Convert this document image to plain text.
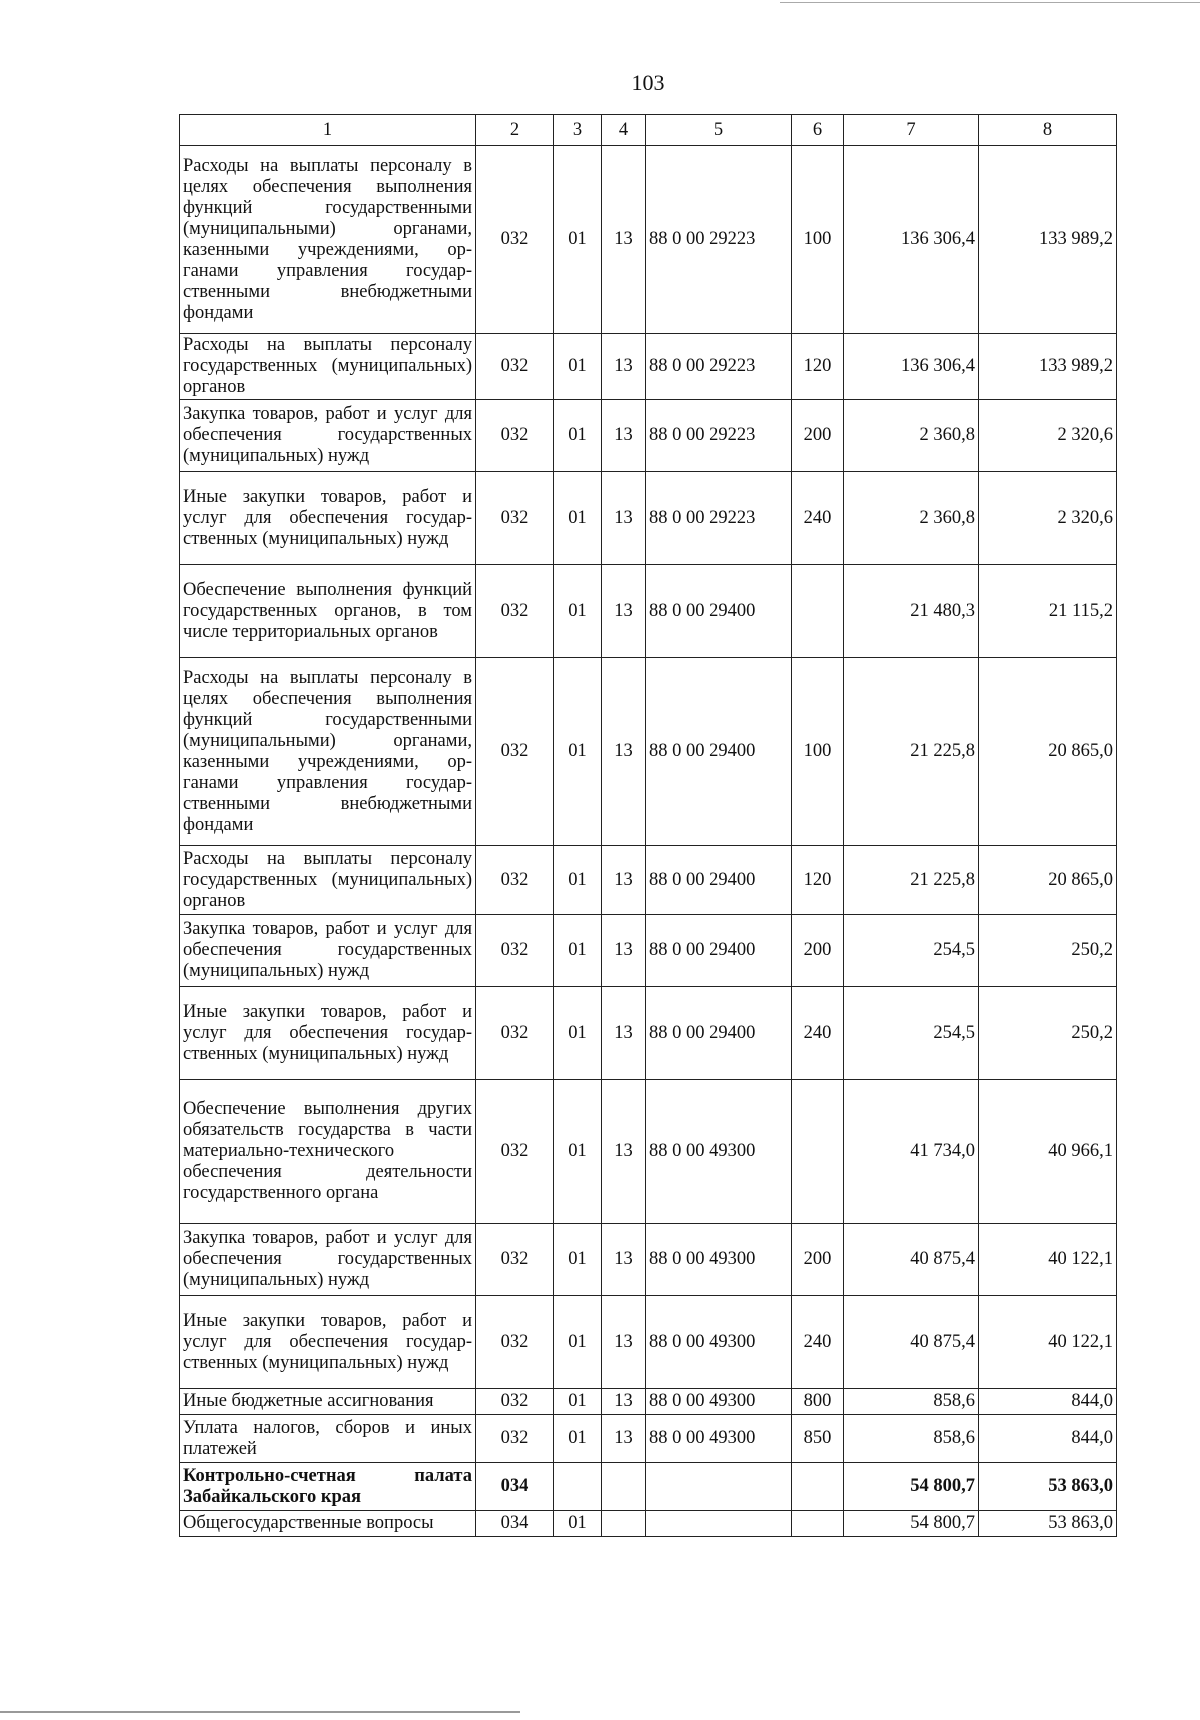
103
1	2	3	4	5	6	7	8
Расходы на выплаты персоналу в целях обеспечения выполнения функций государственными (муниципальными) органами, казенными учреждениями, органами управления государственными внебюджетными фондами	032	01	13	88 0 00 29223	100	136 306,4	133 989,2
Расходы на выплаты персоналу государственных (муниципальных) органов	032	01	13	88 0 00 29223	120	136 306,4	133 989,2
Закупка товаров, работ и услуг для обеспечения государственных (муниципальных) нужд	032	01	13	88 0 00 29223	200	2 360,8	2 320,6
Иные закупки товаров, работ и услуг для обеспечения государственных (муниципальных) нужд	032	01	13	88 0 00 29223	240	2 360,8	2 320,6
Обеспечение выполнения функций государственных органов, в том числе территориальных органов	032	01	13	88 0 00 29400		21 480,3	21 115,2
Расходы на выплаты персоналу в целях обеспечения выполнения функций государственными (муниципальными) органами, казенными учреждениями, органами управления государственными внебюджетными фондами	032	01	13	88 0 00 29400	100	21 225,8	20 865,0
Расходы на выплаты персоналу государственных (муниципальных) органов	032	01	13	88 0 00 29400	120	21 225,8	20 865,0
Закупка товаров, работ и услуг для обеспечения государственных (муниципальных) нужд	032	01	13	88 0 00 29400	200	254,5	250,2
Иные закупки товаров, работ и услуг для обеспечения государственных (муниципальных) нужд	032	01	13	88 0 00 29400	240	254,5	250,2
Обеспечение выполнения других обязательств государства в части материально-технического обеспечения деятельности государственного органа	032	01	13	88 0 00 49300		41 734,0	40 966,1
Закупка товаров, работ и услуг для обеспечения государственных (муниципальных) нужд	032	01	13	88 0 00 49300	200	40 875,4	40 122,1
Иные закупки товаров, работ и услуг для обеспечения государственных (муниципальных) нужд	032	01	13	88 0 00 49300	240	40 875,4	40 122,1
Иные бюджетные ассигнования	032	01	13	88 0 00 49300	800	858,6	844,0
Уплата налогов, сборов и иных платежей	032	01	13	88 0 00 49300	850	858,6	844,0
Контрольно-счетная палата Забайкальского края	034					54 800,7	53 863,0
Общегосударственные вопросы	034	01				54 800,7	53 863,0
